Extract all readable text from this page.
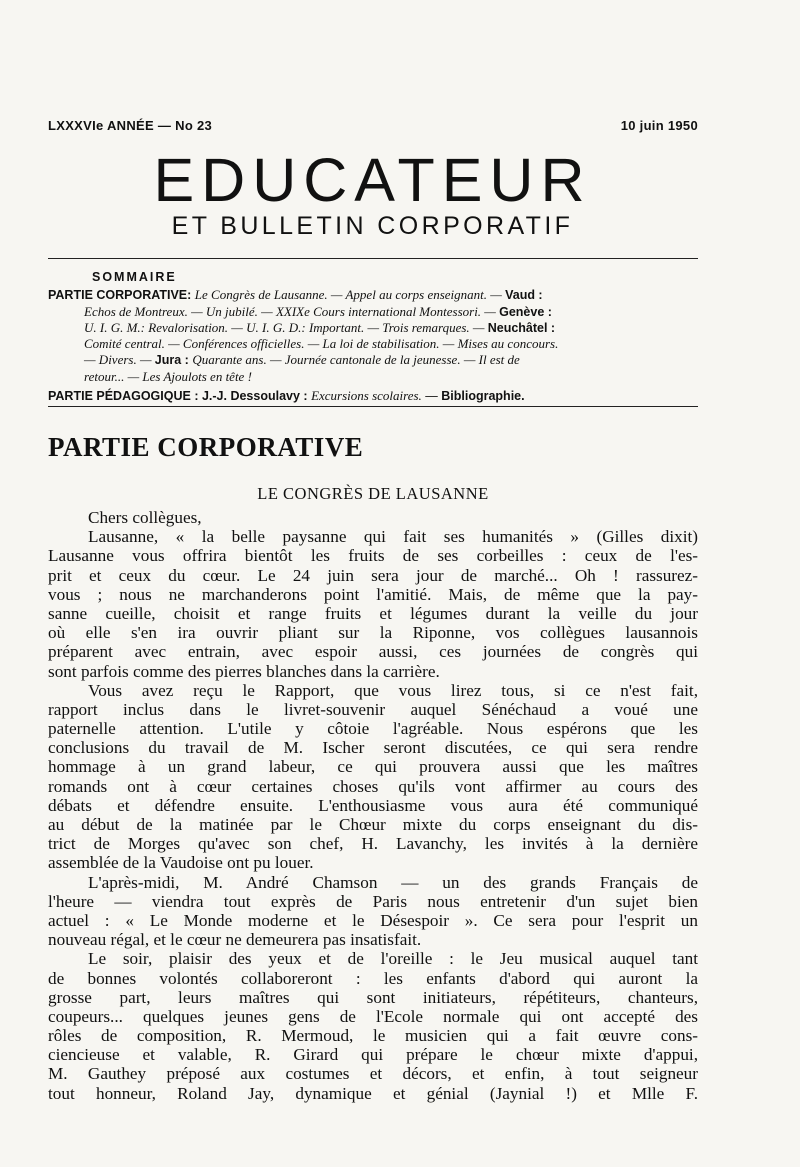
LXXXVIe ANNÉE — No 23	10 juin 1950
EDUCATEUR
ET BULLETIN CORPORATIF
SOMMAIRE
PARTIE CORPORATIVE: Le Congrès de Lausanne. — Appel au corps enseignant. — Vaud :
Echos de Montreux. — Un jubilé. — XXIXe Cours international Montessori. — Genève :
U. I. G. M.: Revalorisation. — U. I. G. D.: Important. — Trois remarques. — Neuchâtel :
Comité central. — Conférences officielles. — La loi de stabilisation. — Mises au concours.
— Divers. — Jura : Quarante ans. — Journée cantonale de la jeunesse. — Il est de
retour... — Les Ajoulots en tête !
PARTIE PÉDAGOGIQUE : J.-J. Dessoulavy : Excursions scolaires. — Bibliographie.
PARTIE CORPORATIVE
LE CONGRÈS DE LAUSANNE
Chers collègues,
Lausanne, « la belle paysanne qui fait ses humanités » (Gilles dixit)
Lausanne vous offrira bientôt les fruits de ses corbeilles : ceux de l'es-
prit et ceux du cœur. Le 24 juin sera jour de marché... Oh ! rassurez-
vous ; nous ne marchanderons point l'amitié. Mais, de même que la pay-
sanne cueille, choisit et range fruits et légumes durant la veille du jour
où elle s'en ira ouvrir pliant sur la Riponne, vos collègues lausannois
préparent avec entrain, avec espoir aussi, ces journées de congrès qui
sont parfois comme des pierres blanches dans la carrière.
Vous avez reçu le Rapport, que vous lirez tous, si ce n'est fait,
rapport inclus dans le livret-souvenir auquel Sénéchaud a voué une
paternelle attention. L'utile y côtoie l'agréable. Nous espérons que les
conclusions du travail de M. Ischer seront discutées, ce qui sera rendre
hommage à un grand labeur, ce qui prouvera aussi que les maîtres
romands ont à cœur certaines choses qu'ils vont affirmer au cours des
débats et défendre ensuite. L'enthousiasme vous aura été communiqué
au début de la matinée par le Chœur mixte du corps enseignant du dis-
trict de Morges qu'avec son chef, H. Lavanchy, les invités à la dernière
assemblée de la Vaudoise ont pu louer.
L'après-midi, M. André Chamson — un des grands Français de
l'heure — viendra tout exprès de Paris nous entretenir d'un sujet bien
actuel : « Le Monde moderne et le Désespoir ». Ce sera pour l'esprit un
nouveau régal, et le cœur ne demeurera pas insatisfait.
Le soir, plaisir des yeux et de l'oreille : le Jeu musical auquel tant
de bonnes volontés collaboreront : les enfants d'abord qui auront la
grosse part, leurs maîtres qui sont initiateurs, répétiteurs, chanteurs,
coupeurs... quelques jeunes gens de l'Ecole normale qui ont accepté des
rôles de composition, R. Mermoud, le musicien qui a fait œuvre cons-
ciencieuse et valable, R. Girard qui prépare le chœur mixte d'appui,
M. Gauthey préposé aux costumes et décors, et enfin, à tout seigneur
tout honneur, Roland Jay, dynamique et génial (Jaynial !) et Mlle F.
